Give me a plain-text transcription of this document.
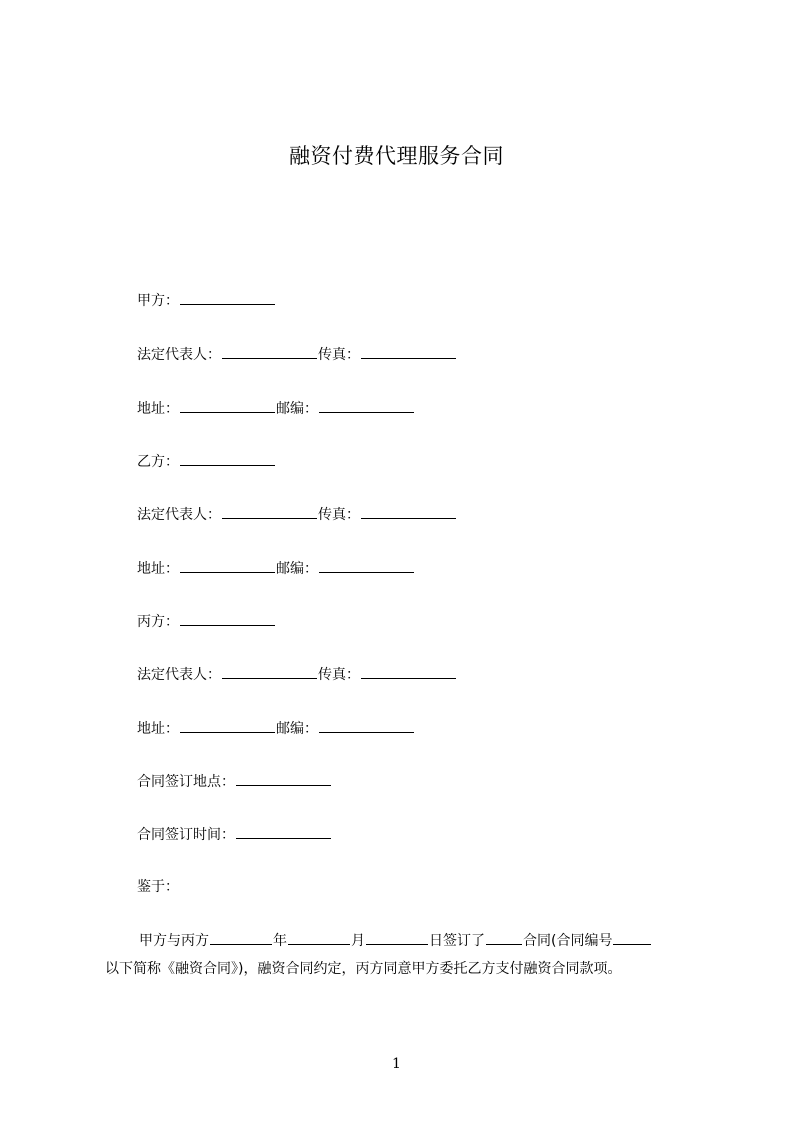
融资付费代理服务合同
甲方：
法定代表人：	传真：
地址：	邮编：
乙方：
法定代表人：	传真：
地址：	邮编：
丙方：
法定代表人：	传真：
地址：	邮编：
合同签订地点：
合同签订时间：
鉴于：
甲方与丙方	年	月	日签订了	合同(合同编号
以下简称《融资合同》)，融资合同约定，丙方同意甲方委托乙方支付融资合同款项。
1
